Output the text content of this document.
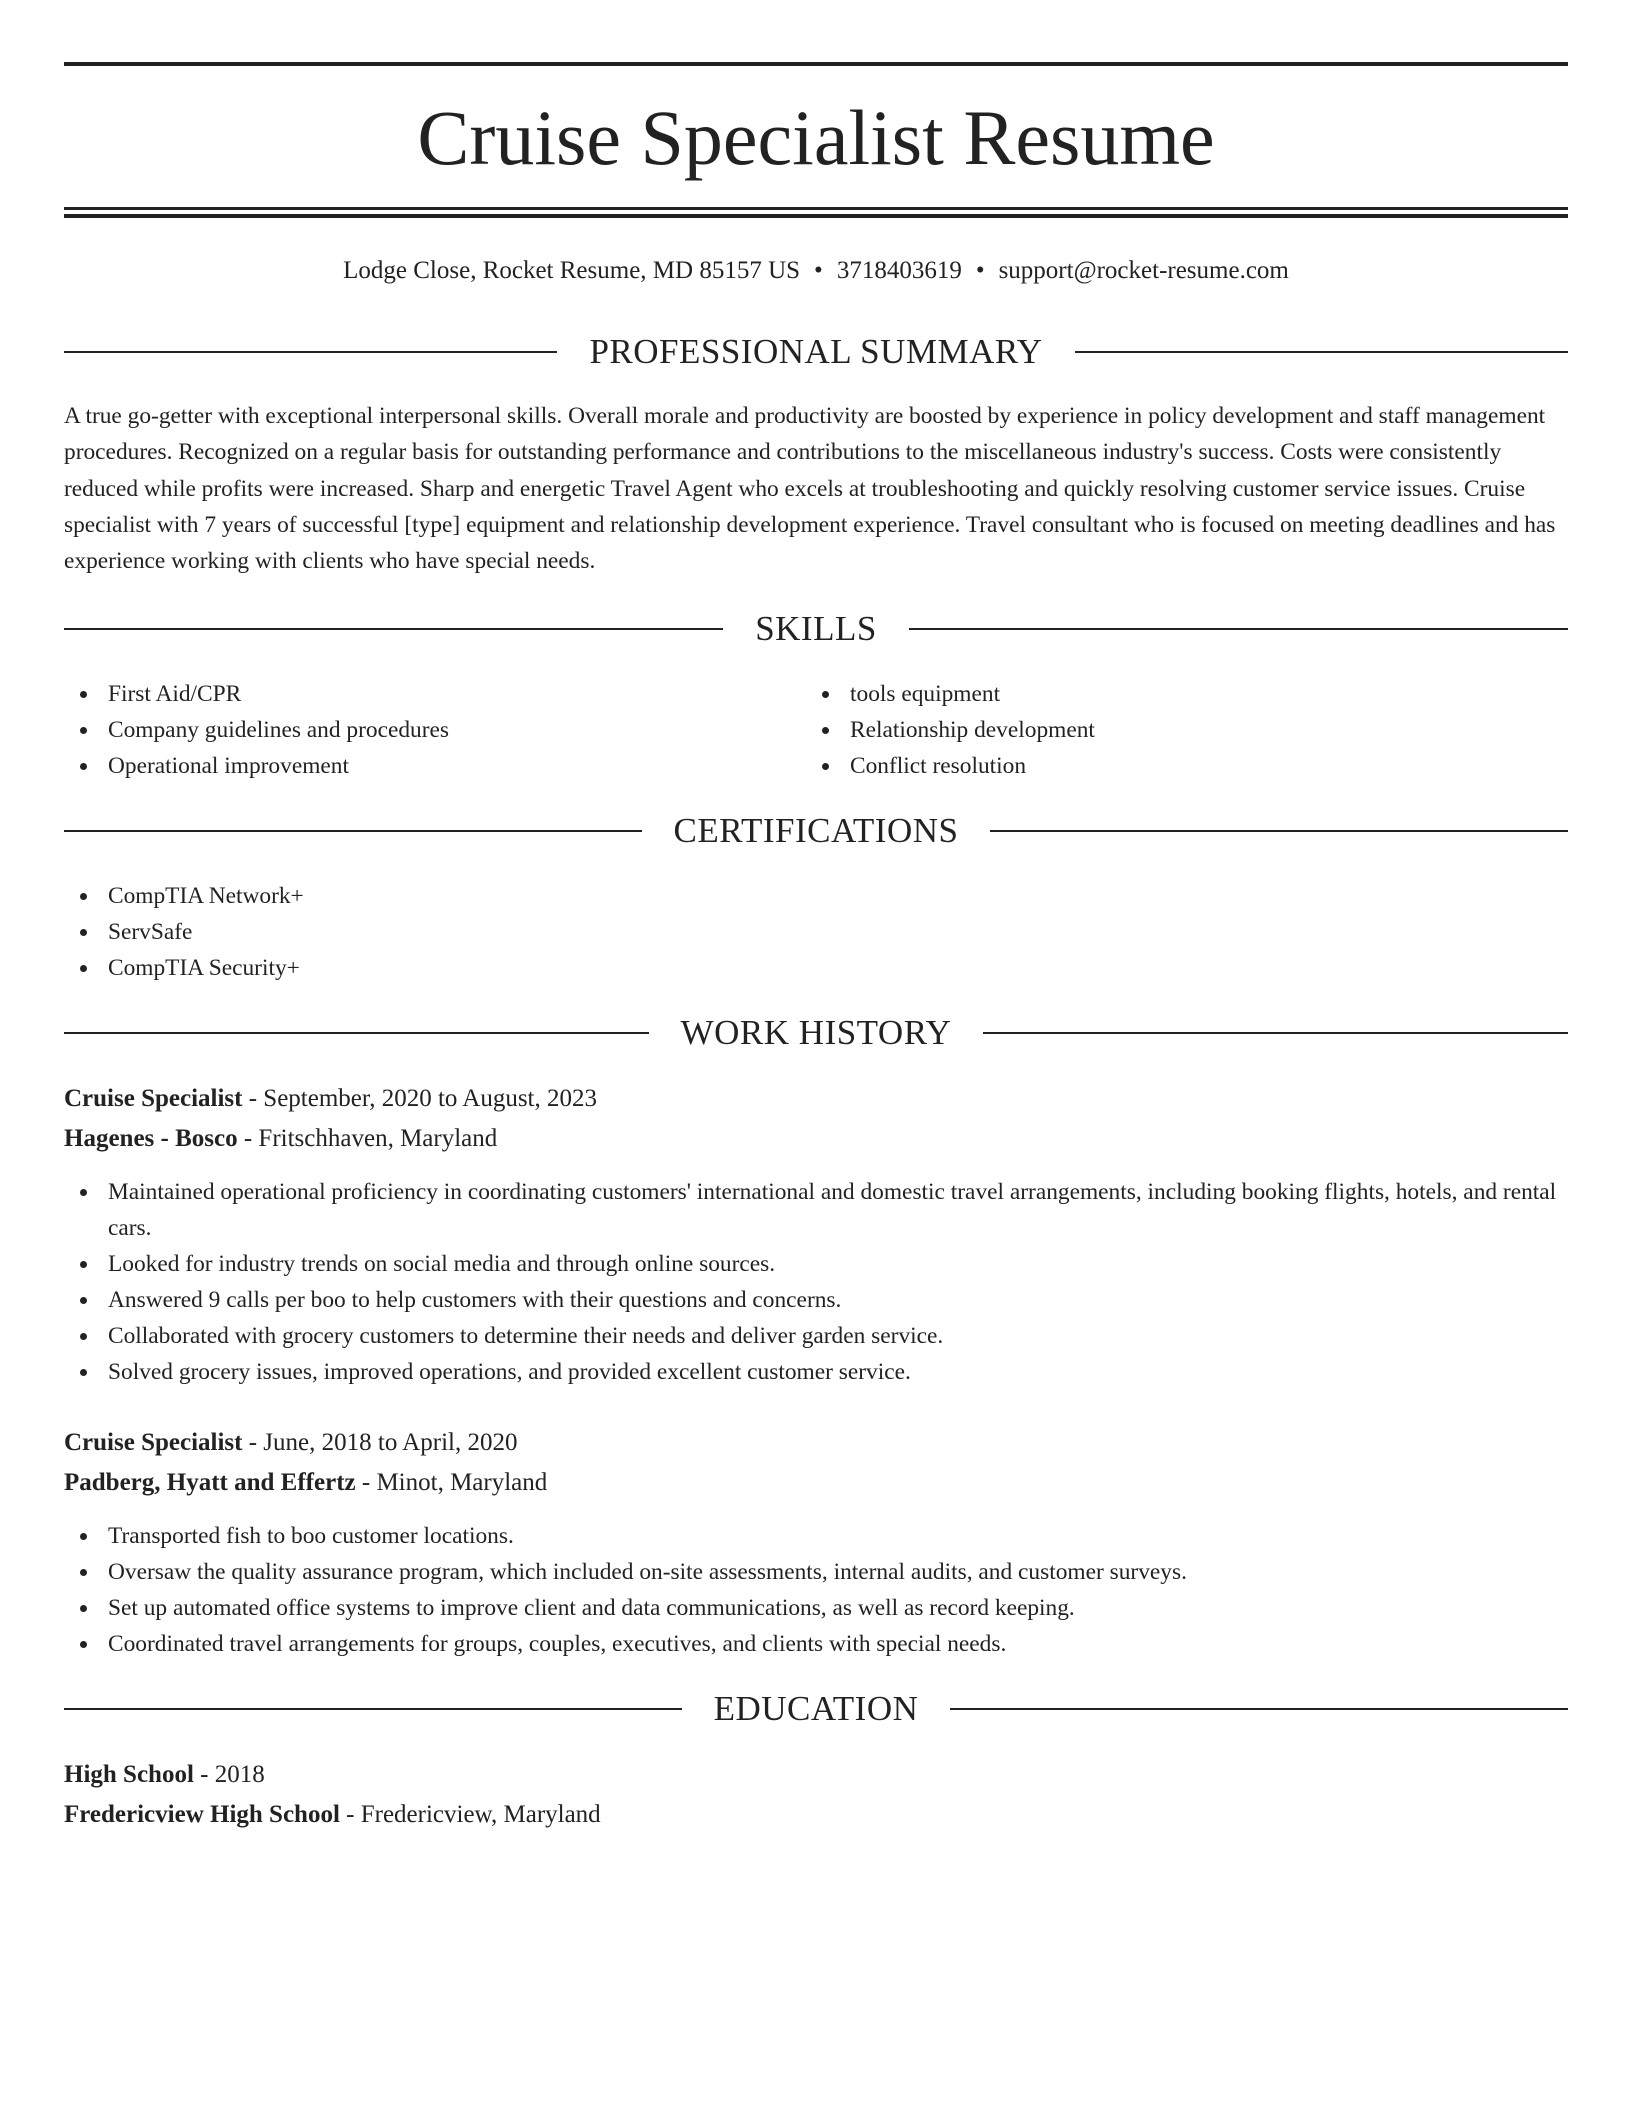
Cruise Specialist Resume
Lodge Close, Rocket Resume, MD 85157 US • 3718403619 • support@rocket-resume.com
PROFESSIONAL SUMMARY

A true go-getter with exceptional interpersonal skills. Overall morale and productivity are boosted by experience in policy development and staff management procedures. Recognized on a regular basis for outstanding performance and contributions to the miscellaneous industry's success. Costs were consistently reduced while profits were increased. Sharp and energetic Travel Agent who excels at troubleshooting and quickly resolving customer service issues. Cruise specialist with 7 years of successful [type] equipment and relationship development experience. Travel consultant who is focused on meeting deadlines and has experience working with clients who have special needs.

SKILLS
First Aid/CPR
Company guidelines and procedures
Operational improvement
tools equipment
Relationship development
Conflict resolution
CERTIFICATIONS
CompTIA Network+
ServSafe
CompTIA Security+
WORK HISTORY
Cruise Specialist - September, 2020 to August, 2023
Hagenes - Bosco - Fritschhaven, Maryland
Maintained operational proficiency in coordinating customers' international and domestic travel arrangements, including booking flights, hotels, and rental cars.
Looked for industry trends on social media and through online sources.
Answered 9 calls per boo to help customers with their questions and concerns.
Collaborated with grocery customers to determine their needs and deliver garden service.
Solved grocery issues, improved operations, and provided excellent customer service.
Cruise Specialist - June, 2018 to April, 2020
Padberg, Hyatt and Effertz - Minot, Maryland
Transported fish to boo customer locations.
Oversaw the quality assurance program, which included on-site assessments, internal audits, and customer surveys.
Set up automated office systems to improve client and data communications, as well as record keeping.
Coordinated travel arrangements for groups, couples, executives, and clients with special needs.
EDUCATION
High School - 2018
Fredericview High School - Fredericview, Maryland
